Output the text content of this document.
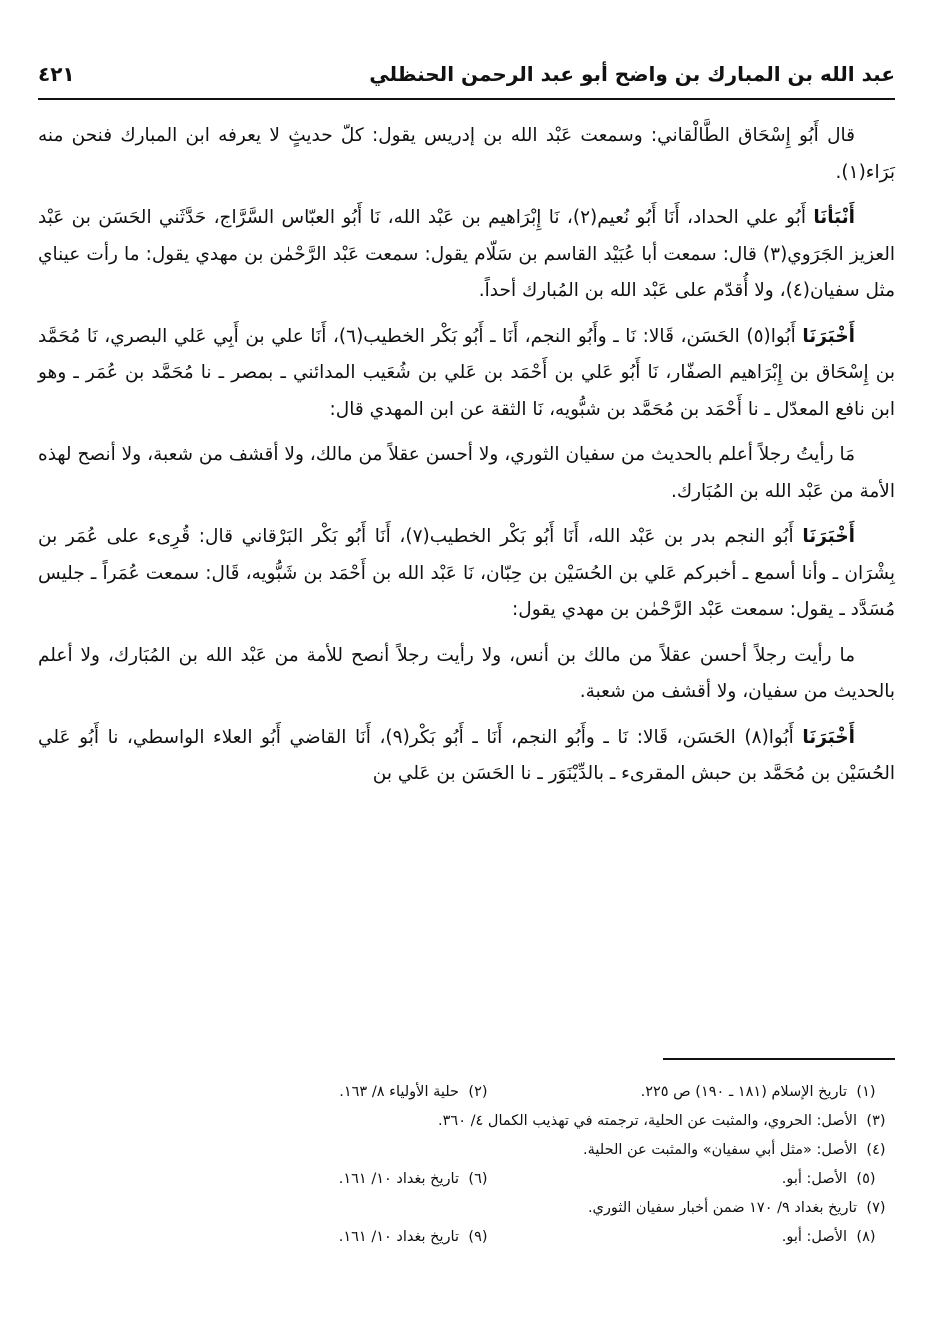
عبد الله بن المبارك بن واضح أبو عبد الرحمن الحنظلي
٤٢١

قال أَبُو إِسْحَاق الطَّالْقاني: وسمعت عَبْد الله بن إدريس يقول: كلّ حديثٍ لا يعرفه ابن المبارك فنحن منه بَرَاء(١).

أَنْبَأنَا أَبُو علي الحداد، أَنَا أَبُو نُعيم(٢)، نَا إِبْرَاهيم بن عَبْد الله، نَا أَبُو العبّاس السَّرَّاج، حَدَّثَني الحَسَن بن عَبْد العزيز الجَرَوي(٣) قال: سمعت أبا عُبَيْد القاسم بن سَلّام يقول: سمعت عَبْد الرَّحْمٰن بن مهدي يقول: ما رأت عيناي مثل سفيان(٤)، ولا أُقدّم على عَبْد الله بن المُبارك أحداً.

أَخْبَرَنَا أَبُوا(٥) الحَسَن، قَالا: نَا ـ وأَبُو النجم، أَنَا ـ أَبُو بَكْر الخطيب(٦)، أَنَا علي بن أَبِي عَلي البصري، نَا مُحَمَّد بن إِسْحَاق بن إِبْرَاهيم الصفّار، نَا أَبُو عَلي بن أَحْمَد بن عَلي بن شُعَيب المدائني ـ بمصر ـ نا مُحَمَّد بن عُمَر ـ وهو ابن نافع المعدّل ـ نا أَحْمَد بن مُحَمَّد بن شبُّويه، نَا الثقة عن ابن المهدي قال:

مَا رأيتُ رجلاً أعلم بالحديث من سفيان الثوري، ولا أحسن عقلاً من مالك، ولا أقشف من شعبة، ولا أنصح لهذه الأمة من عَبْد الله بن المُبَارك.

أَخْبَرَنَا أَبُو النجم بدر بن عَبْد الله، أَنَا أَبُو بَكْر الخطيب(٧)، أَنَا أَبُو بَكْر البَرْقاني قال: قُرِىء على عُمَر بن بِشْرَان ـ وأنا أسمع ـ أخبركم عَلي بن الحُسَيْن بن حِبّان، نَا عَبْد الله بن أَحْمَد بن شَبُّويه، قَال: سمعت عُمَراً ـ جليس مُسَدَّد ـ يقول: سمعت عَبْد الرَّحْمٰن بن مهدي يقول:

ما رأيت رجلاً أحسن عقلاً من مالك بن أنس، ولا رأيت رجلاً أنصح للأمة من عَبْد الله بن المُبَارك، ولا أعلم بالحديث من سفيان، ولا أقشف من شعبة.

أَخْبَرَنَا أَبُوا(٨) الحَسَن، قَالا: نَا ـ وأَبُو النجم، أَنَا ـ أَبُو بَكْر(٩)، أَنَا القاضي أَبُو العلاء الواسطي، نا أَبُو عَلي الحُسَيْن بن مُحَمَّد بن حبش المقرىء ـ بالدِّيْنَوَر ـ نا الحَسَن بن عَلي بن

(١)تاريخ الإسلام (١٨١ ـ ١٩٠) ص ٢٢٥.
(٢)حلية الأولياء ٨/ ١٦٣.
(٣)الأصل: الحروي، والمثبت عن الحلية، ترجمته في تهذيب الكمال ٤/ ٣٦٠.
(٤)الأصل: «مثل أبي سفيان» والمثبت عن الحلية.
(٥)الأصل: أبو.
(٦)تاريخ بغداد ١٠/ ١٦١.
(٧)تاريخ بغداد ٩/ ١٧٠ ضمن أخبار سفيان الثوري.
(٨)الأصل: أبو.
(٩)تاريخ بغداد ١٠/ ١٦١.
